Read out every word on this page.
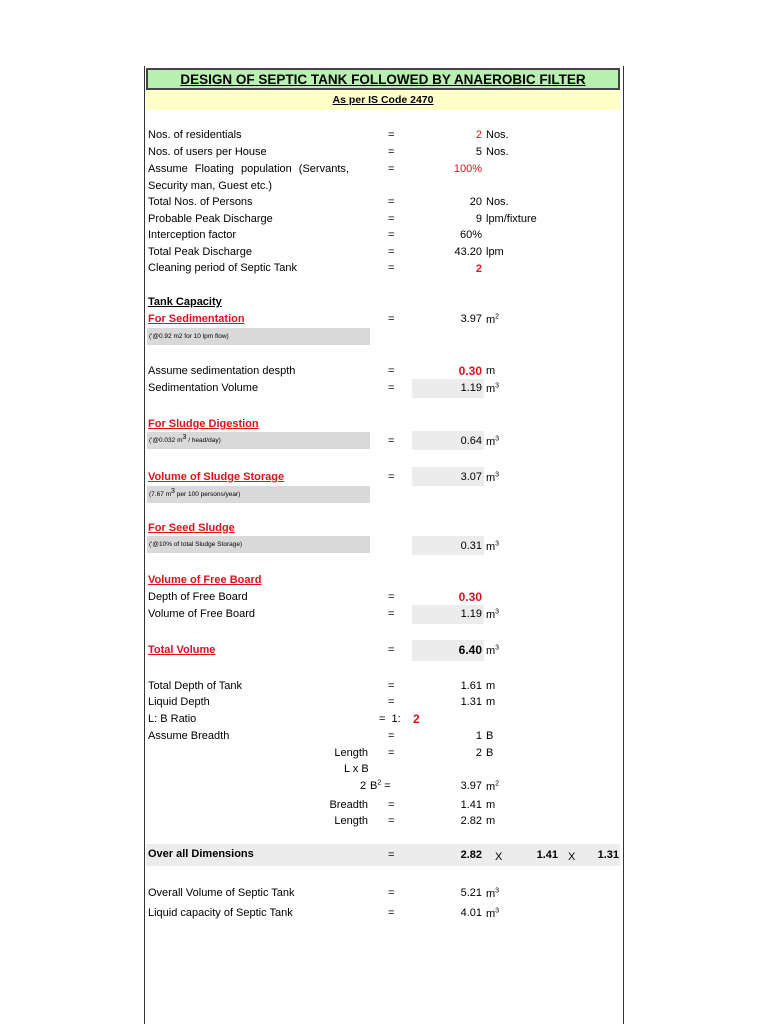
DESIGN OF SEPTIC TANK FOLLOWED BY ANAEROBIC FILTER
As per IS Code 2470
Nos. of residentials	=	2 Nos.
Nos. of users per House	=	5 Nos.
Assume Floating population (Servants,
Security man, Guest etc.)
=	100%
Total Nos. of Persons	=	20 Nos.
Probable Peak Discharge	=	9 lpm/fixture
Interception factor	=	60%
Total Peak Discharge	=	43.20 lpm
Cleaning period of Septic Tank	=	2
Tank Capacity
For Sedimentation	=	3.97 $m^2$
('@0.92 m2 for 10 lpm flow)
Assume sedimentation despth	=	0.30 m
Sedimentation Volume	=	1.19 $m^3$
For Sludge Digestion
('@0.032 $m^3$ / head/day)	=	0.64 $m^3$
Volume of Sludge Storage	=	3.07 $m^3$
(7.67 $m^3$ per 100 persons/year)
For Seed Sludge
('@10% of total Sludge Storage)	0.31 $m^3$
Volume of Free Board
Depth of Free Board	=	0.30
Volume of Free Board	=	1.19 $m^3$
Total Volume	=	6.40 $m^3$
Total Depth of Tank	=	1.61 m
Liquid Depth	=	1.31 m
L: B Ratio	=  1: 2
Assume Breadth	=	1 B
Length =	2 B
L x B
2 $B^2$ =	3.97 $m^2$
Breadth =	1.41 m
Length =	2.82 m
Over all Dimensions	=	2.82 X	1.41 X	1.31
Overall Volume of Septic Tank	=	5.21 $m^3$
Liquid capacity of Septic Tank	=	4.01 $m^3$
